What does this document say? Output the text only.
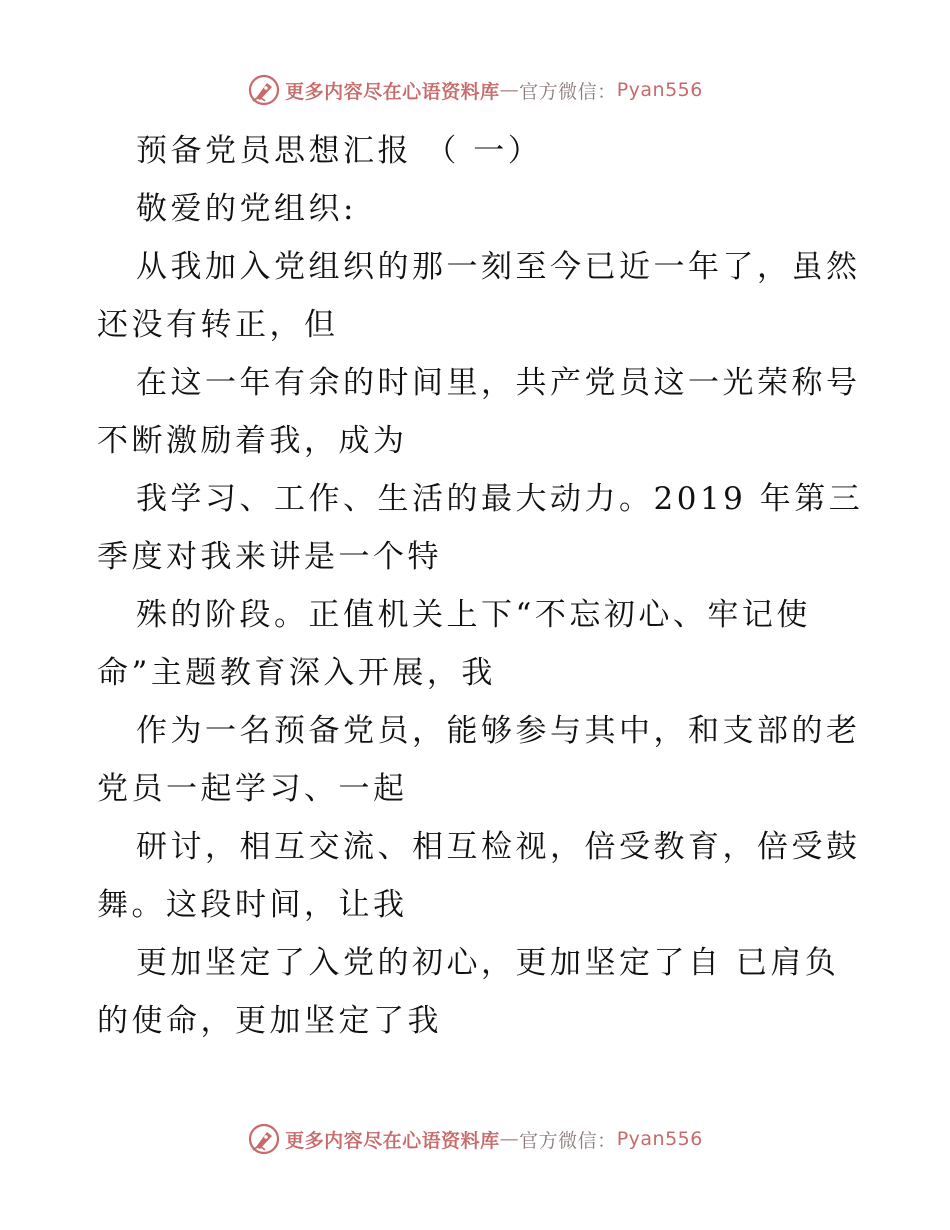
更多内容尽在心语资料库 — 官方微信： Pyan556
预备党员思想汇报 （ 一）
敬爱的党组织:
从我加入党组织的那一刻至今已近一年了，虽然
还没有转正，但
在这一年有余的时间里，共产党员这一光荣称号
不断激励着我，成为
我学习、工作、生活的最大动力。2019 年第三
季度对我来讲是一个特
殊的阶段。正值机关上下“不忘初心、牢记使
命”主题教育深入开展，我
作为一名预备党员，能够参与其中，和支部的老
党员一起学习、一起
研讨，相互交流、相互检视，倍受教育，倍受鼓
舞。这段时间，让我
更加坚定了入党的初心，更加坚定了自 已肩负
的使命，更加坚定了我
更多内容尽在心语资料库 — 官方微信： Pyan556
